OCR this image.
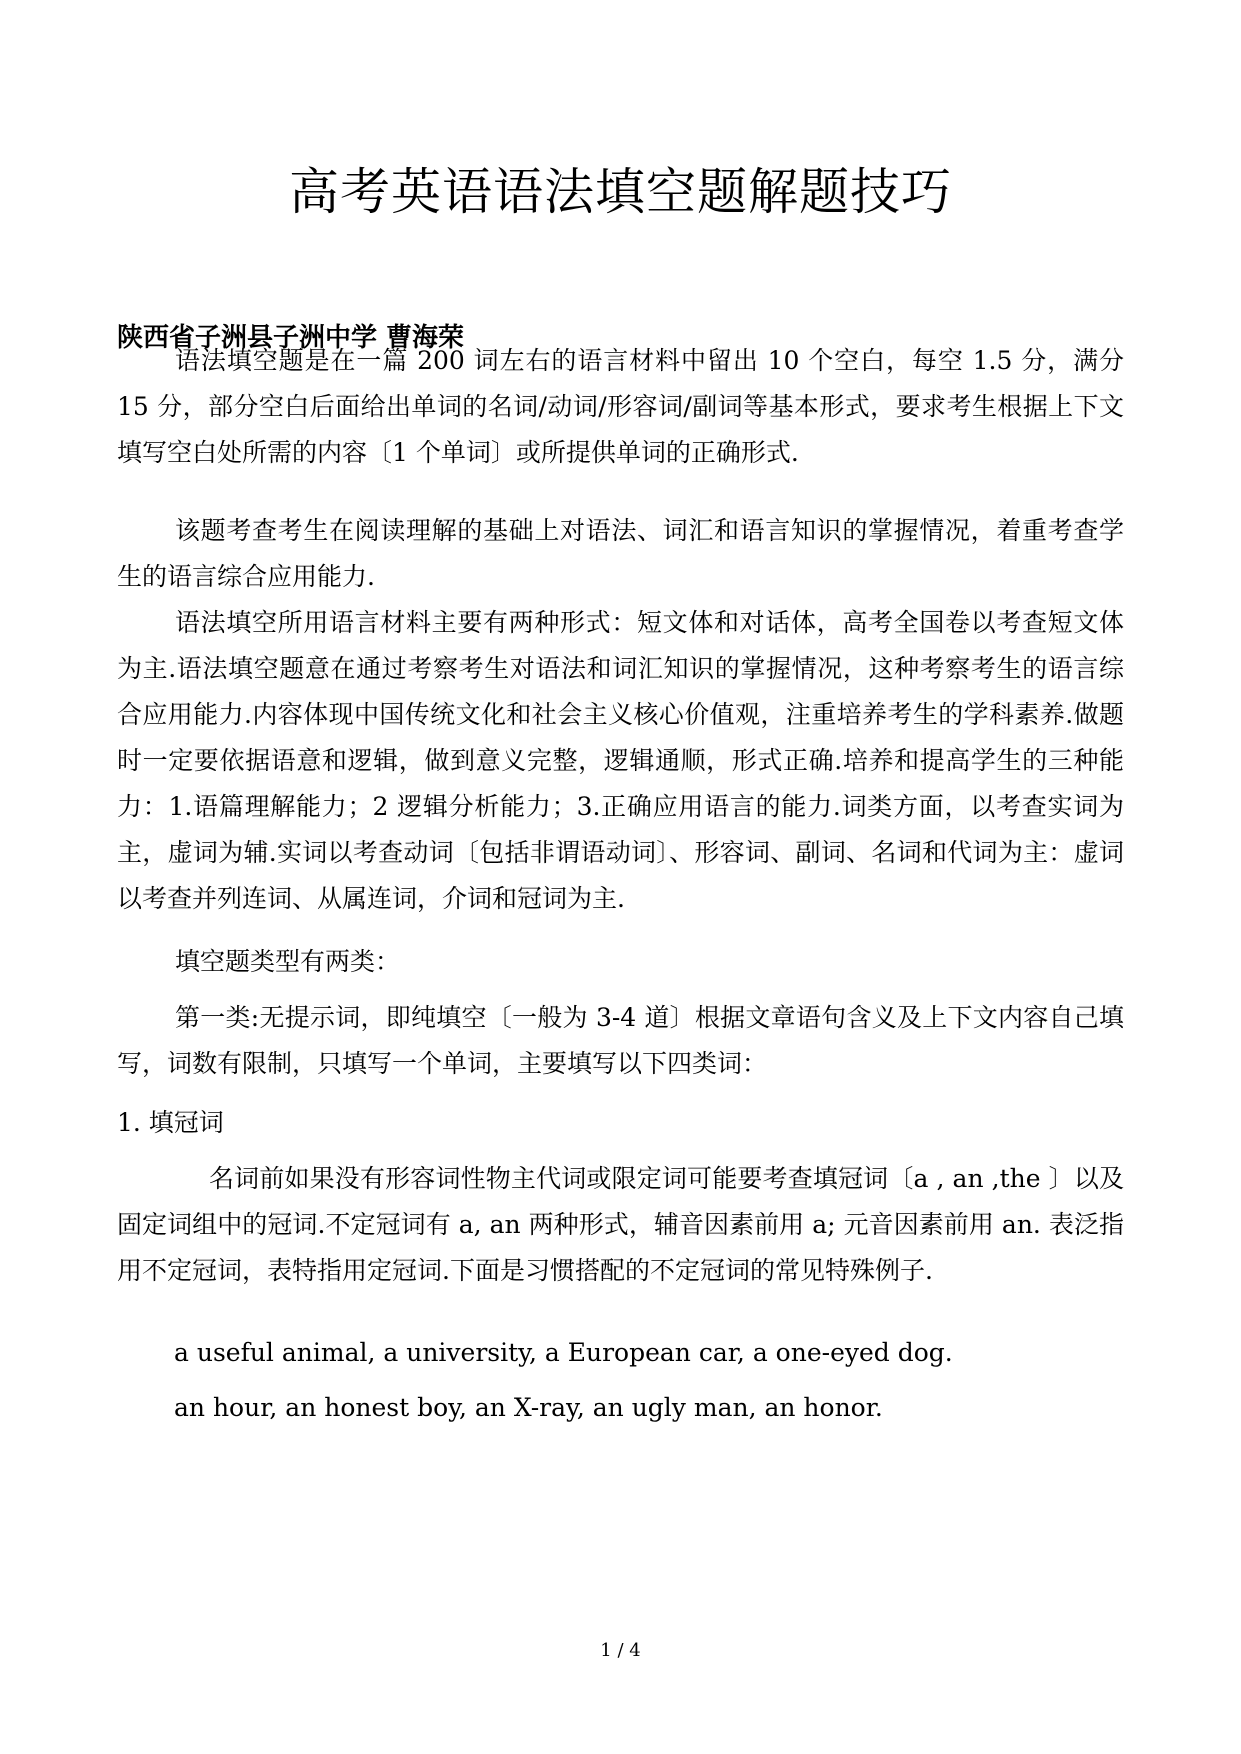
高考英语语法填空题解题技巧

陕西省子洲县子洲中学 曹海荣

语法填空题是在一篇 200 词左右的语言材料中留出 10 个空白，每空 1.5 分，满分 15 分，部分空白后面给出单词的名词/动词/形容词/副词等基本形式，要求考生根据上下文填写空白处所需的内容〔1 个单词〕或所提供单词的正确形式.

该题考查考生在阅读理解的基础上对语法、词汇和语言知识的掌握情况，着重考查学生的语言综合应用能力.

语法填空所用语言材料主要有两种形式：短文体和对话体，高考全国卷以考查短文体为主.语法填空题意在通过考察考生对语法和词汇知识的掌握情况，这种考察考生的语言综合应用能力.内容体现中国传统文化和社会主义核心价值观，注重培养考生的学科素养.做题时一定要依据语意和逻辑，做到意义完整，逻辑通顺，形式正确.培养和提高学生的三种能力：1.语篇理解能力；2 逻辑分析能力；3.正确应用语言的能力.词类方面，以考查实词为主，虚词为辅.实词以考查动词〔包括非谓语动词〕、形容词、副词、名词和代词为主：虚词以考查并列连词、从属连词，介词和冠词为主.

填空题类型有两类：

第一类:无提示词，即纯填空〔一般为 3-4 道〕根据文章语句含义及上下文内容自己填写，词数有限制，只填写一个单词，主要填写以下四类词：

1. 填冠词

名词前如果没有形容词性物主代词或限定词可能要考查填冠词〔a , an ,the 〕以及固定词组中的冠词.不定冠词有 a, an 两种形式，辅音因素前用 a; 元音因素前用 an. 表泛指用不定冠词，表特指用定冠词.下面是习惯搭配的不定冠词的常见特殊例子.

a useful animal, a university, a European car, a one-eyed dog.

an hour, an honest boy, an X-ray, an ugly man, an honor.

1 / 4
